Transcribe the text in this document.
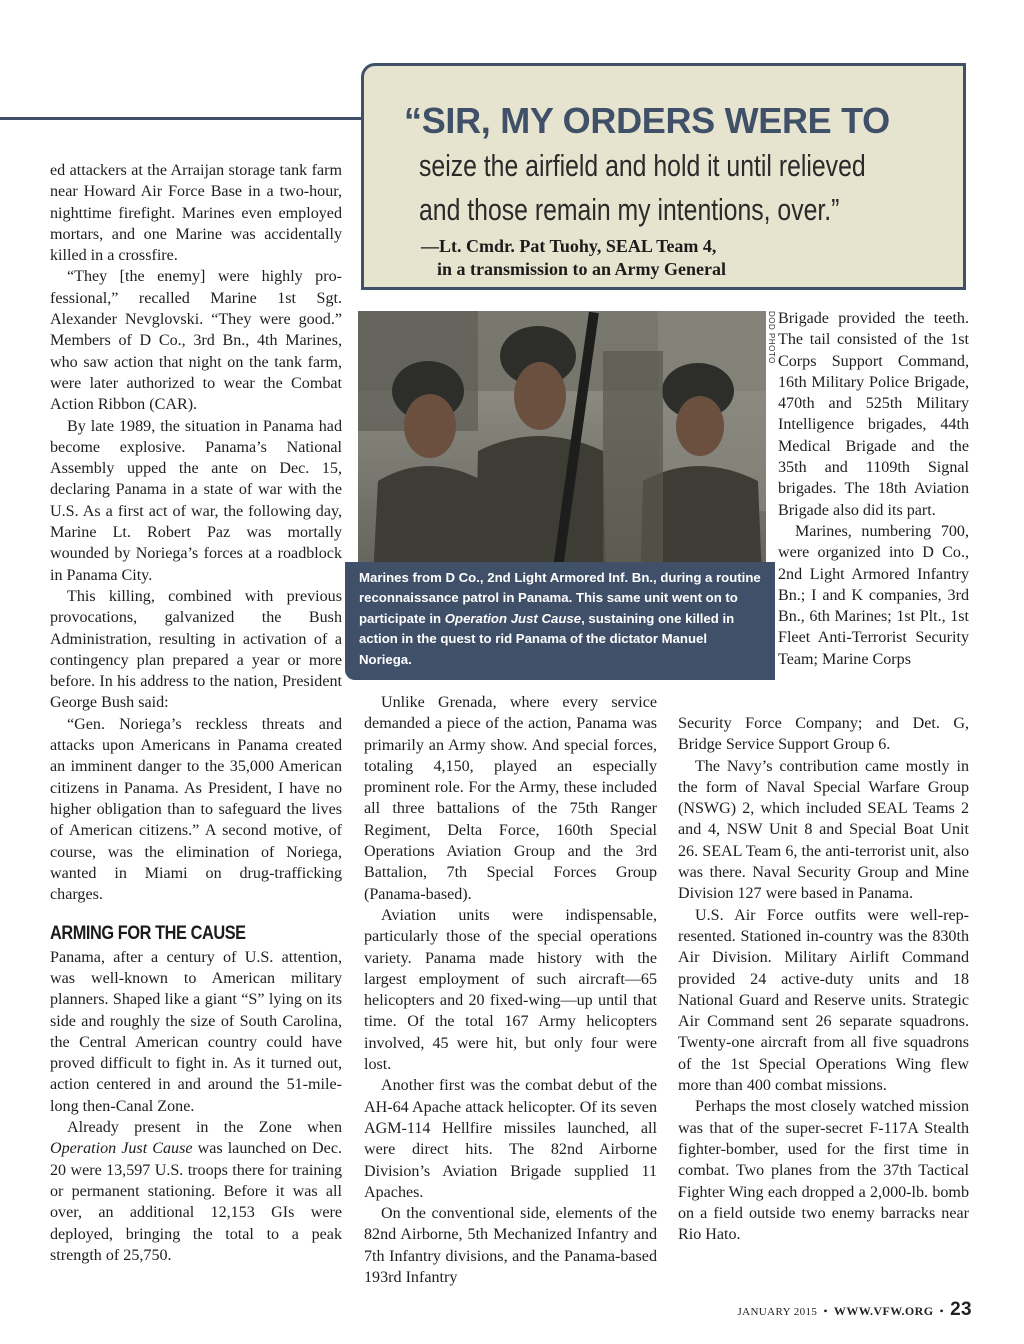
“SIR, MY ORDERS WERE TO

seize the airfield and hold it until relieved and those remain my intentions, over.”

—Lt. Cmdr. Pat Tuohy, SEAL Team 4,
in a transmission to an Army General

ed attackers at the Arraijan storage tank farm near Howard Air Force Base in a two-hour, nighttime firefight. Marines even employed mortars, and one Marine was accidentally killed in a crossfire.

“They [the enemy] were highly professional,” recalled Marine 1st Sgt. Alexander Nevglovski. “They were good.” Members of D Co., 3rd Bn., 4th Marines, who saw action that night on the tank farm, were later authorized to wear the Combat Action Ribbon (CAR).

By late 1989, the situation in Panama had become explosive. Panama’s National Assembly upped the ante on Dec. 15, declaring Panama in a state of war with the U.S. As a first act of war, the following day, Marine Lt. Robert Paz was mortally wounded by Noriega’s forces at a roadblock in Panama City.

This killing, combined with previous provocations, galvanized the Bush Administration, resulting in activation of a contingency plan prepared a year or more before. In his address to the nation, President George Bush said:

“Gen. Noriega’s reckless threats and attacks upon Americans in Panama created an imminent danger to the 35,000 American citizens in Panama. As President, I have no higher obligation than to safeguard the lives of American citizens.” A second motive, of course, was the elimination of Noriega, wanted in Miami on drug-trafficking charges.

ARMING FOR THE CAUSE

Panama, after a century of U.S. attention, was well-known to American military planners. Shaped like a giant “S” lying on its side and roughly the size of South Carolina, the Central American country could have proved difficult to fight in. As it turned out, action centered in and around the 51-mile-long then-Canal Zone.

Already present in the Zone when Operation Just Cause was launched on Dec. 20 were 13,597 U.S. troops there for training or permanent stationing. Before it was all over, an additional 12,153 GIs were deployed, bringing the total to a peak strength of 25,750.

DOD PHOTO
Marines from D Co., 2nd Light Armored Inf. Bn., during a routine reconnaissance patrol in Panama. This same unit went on to participate in Operation Just Cause, sustaining one killed in action in the quest to rid Panama of the dictator Manuel Noriega.

Unlike Grenada, where every service demanded a piece of the action, Panama was primarily an Army show. And special forces, totaling 4,150, played an especially prominent role. For the Army, these included all three battalions of the 75th Ranger Regiment, Delta Force, 160th Special Operations Aviation Group and the 3rd Battalion, 7th Special Forces Group (Panama-based).

Aviation units were indispensable, particularly those of the special operations variety. Panama made history with the largest employment of such aircraft—65 helicopters and 20 fixed-wing—up until that time. Of the total 167 Army helicopters involved, 45 were hit, but only four were lost.

Another first was the combat debut of the AH-64 Apache attack helicopter. Of its seven AGM-114 Hellfire missiles launched, all were direct hits. The 82nd Airborne Division’s Aviation Brigade supplied 11 Apaches.

On the conventional side, elements of the 82nd Airborne, 5th Mechanized Infantry and 7th Infantry divisions, and the Panama-based 193rd Infantry

Brigade provided the teeth. The tail consisted of the 1st Corps Support Command, 16th Military Police Brigade, 470th and 525th Military Intelligence brigades, 44th Medical Brigade and the 35th and 1109th Signal brigades. The 18th Aviation Brigade also did its part.

Marines, numbering 700, were organized into D Co., 2nd Light Armored Infantry Bn.; I and K companies, 3rd Bn., 6th Marines; 1st Plt., 1st Fleet Anti-Terrorist Security Team; Marine Corps

Security Force Company; and Det. G, Bridge Service Support Group 6.

The Navy’s contribution came mostly in the form of Naval Special Warfare Group (NSWG) 2, which included SEAL Teams 2 and 4, NSW Unit 8 and Special Boat Unit 26. SEAL Team 6, the anti-terrorist unit, also was there. Naval Security Group and Mine Division 127 were based in Panama.

U.S. Air Force outfits were well-represented. Stationed in-country was the 830th Air Division. Military Airlift Command provided 24 active-duty units and 18 National Guard and Reserve units. Strategic Air Command sent 26 separate squadrons. Twenty-one aircraft from all five squadrons of the 1st Special Operations Wing flew more than 400 combat missions.

Perhaps the most closely watched mission was that of the super-secret F-117A Stealth fighter-bomber, used for the first time in combat. Two planes from the 37th Tactical Fighter Wing each dropped a 2,000-lb. bomb on a field outside two enemy barracks near Rio Hato.

JANUARY 2015 • WWW.VFW.ORG • 23
